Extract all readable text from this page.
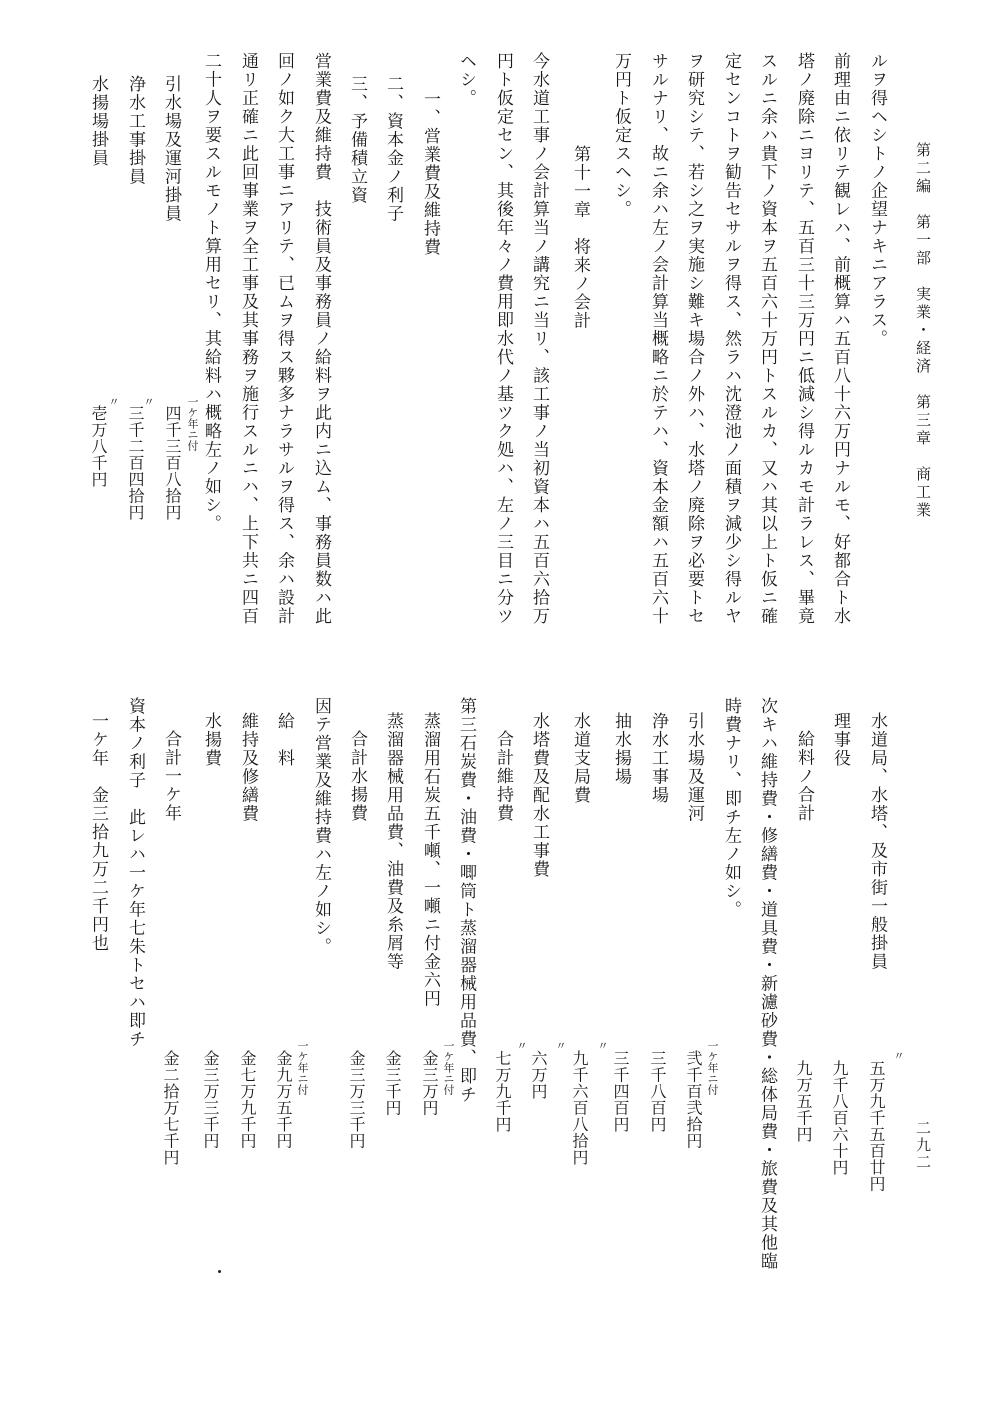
第二編　第一部　実業・経済　第三章　商工業
二九二
ルヲ得ヘシトノ企望ナキニアラス。
前理由ニ依リテ観レハ、前概算ハ五百八十六万円ナルモ、好都合ト水
塔ノ廃除ニヨリテ、五百三十三万円ニ低減シ得ルカモ計ラレス、畢竟
スルニ余ハ貴下ノ資本ヲ五百六十万円トスルカ、又ハ其以上ト仮ニ確
定センコトヲ勧告セサルヲ得ス、然ラハ沈澄池ノ面積ヲ減少シ得ルヤ
ヲ研究シテ、若シ之ヲ実施シ難キ場合ノ外ハ、水塔ノ廃除ヲ必要トセ
サルナリ、故ニ余ハ左ノ会計算当概略ニ於テハ、資本金額ハ五百六十
万円ト仮定スヘシ。
第十一章　将来ノ会計
今水道工事ノ会計算当ノ講究ニ当リ、該工事ノ当初資本ハ五百六拾万
円ト仮定セン、其後年々ノ費用即水代ノ基ツク処ハ、左ノ三目ニ分ツ
ヘシ。
一、営業費及維持費
二、資本金ノ利子
三、予備積立資
営業費及維持費　技術員及事務員ノ給料ヲ此内ニ込ム、事務員数ハ此
回ノ如ク大工事ニアリテ、已ムヲ得ス夥多ナラサルヲ得ス、余ハ設計
通リ正確ニ此回事業ヲ全工事及其事務ヲ施行スルニハ、上下共ニ四百
二十人ヲ要スルモノト算用セリ、其給料ハ概略左ノ如シ。
引水場及運河掛員
浄水工事掛員
水揚場掛員
一ケ年ニ付
四千三百八拾円
〃
三千二百四拾円
〃
壱万八千円
水道局、水塔、及市街一般掛員
理事役
給料ノ合計
次キハ維持費・修繕費・道具費・新濾砂費・総体局費・旅費及其他臨
時費ナリ、即チ左ノ如シ。
引水場及運河
浄水工事場
抽水揚場
水道支局費
水塔費及配水工事費
合計維持費
第三石炭費・油費・唧筒ト蒸溜器械用品費、即チ
蒸溜用石炭五千噸、一噸ニ付金六円
蒸溜器械用品費、油費及糸屑等
合計水揚費
因テ営業及維持費ハ左ノ如シ。
給　料
維持及修繕費
水揚費
合計一ケ年
資本ノ利子　此レハ一ケ年七朱トセハ即チ
一ケ年　金三拾九万二千円也
〃
五万九千五百廿円
九千八百六十円
九万五千円
一ケ年ニ付
弐千百弐拾円
三千八百円
三千四百円
〃
九千六百八拾円
〃
六万円
〃
七万九千円
一ケ年ニ付
金三万円
金三千円
金三万三千円
一ケ年ニ付
金九万五千円
金七万九千円
金三万三千円
金二拾万七千円
